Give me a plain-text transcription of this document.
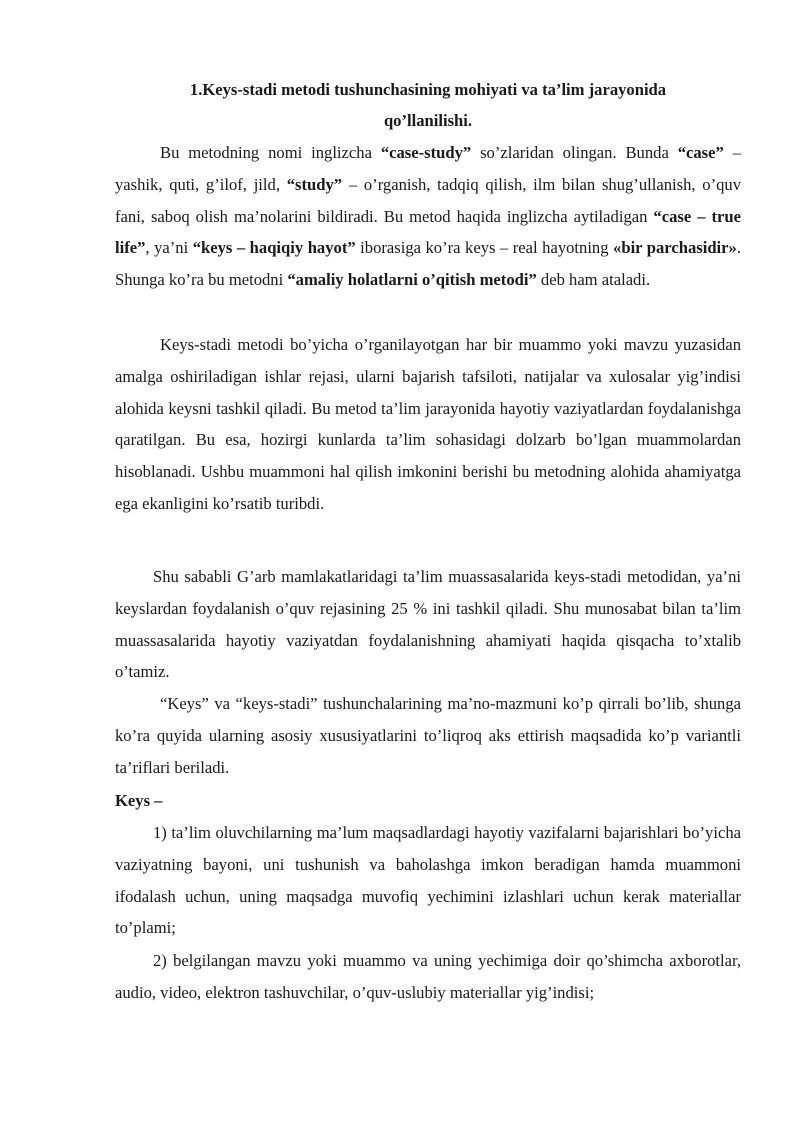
1.Keys-stadi metodi tushunchasining mohiyati va ta’lim jarayonida
qo’llanilishi.

Bu metodning nomi inglizcha “case-study” so’zlaridan olingan. Bunda “case” – yashik, quti, g’ilof, jild, “study” – o’rganish, tadqiq qilish, ilm bilan shug’ullanish, o’quv fani, saboq olish ma’nolarini bildiradi. Bu metod haqida inglizcha aytiladigan “case – true life”, ya’ni “keys – haqiqiy hayot” iborasiga ko’ra keys – real hayotning «bir parchasidir». Shunga ko’ra bu metodni “amaliy holatlarni o’qitish metodi” deb ham ataladi.

Keys-stadi metodi bo’yicha o’rganilayotgan har bir muammo yoki mavzu yuzasidan amalga oshiriladigan ishlar rejasi, ularni bajarish tafsiloti, natijalar va xulosalar yig’indisi alohida keysni tashkil qiladi. Bu metod ta’lim jarayonida hayotiy vaziyatlardan foydalanishga qaratilgan. Bu esa, hozirgi kunlarda ta’lim sohasidagi dolzarb bo’lgan muammolardan hisoblanadi. Ushbu muammoni hal qilish imkonini berishi bu metodning alohida ahamiyatga ega ekanligini ko’rsatib turibdi.

Shu sababli G’arb mamlakatlaridagi ta’lim muassasalarida keys-stadi metodidan, ya’ni keyslardan foydalanish o’quv rejasining 25 % ini tashkil qiladi. Shu munosabat bilan ta’lim muassasalarida hayotiy vaziyatdan foydalanishning ahamiyati haqida qisqacha to’xtalib o’tamiz.

“Keys” va “keys-stadi” tushunchalarining ma’no-mazmuni ko’p qirrali bo’lib, shunga ko’ra quyida ularning asosiy xususiyatlarini to’liqroq aks ettirish maqsadida ko’p variantli ta’riflari beriladi.

Keys –

1) ta’lim oluvchilarning ma’lum maqsadlardagi hayotiy vazifalarni bajarishlari bo’yicha vaziyatning bayoni, uni tushunish va baholashga imkon beradigan hamda muammoni ifodalash uchun, uning maqsadga muvofiq yechimini izlashlari uchun kerak materiallar to’plami;

2) belgilangan mavzu yoki muammo va uning yechimiga doir qo’shimcha axborotlar, audio, video, elektron tashuvchilar, o’quv-uslubiy materiallar yig’indisi;
